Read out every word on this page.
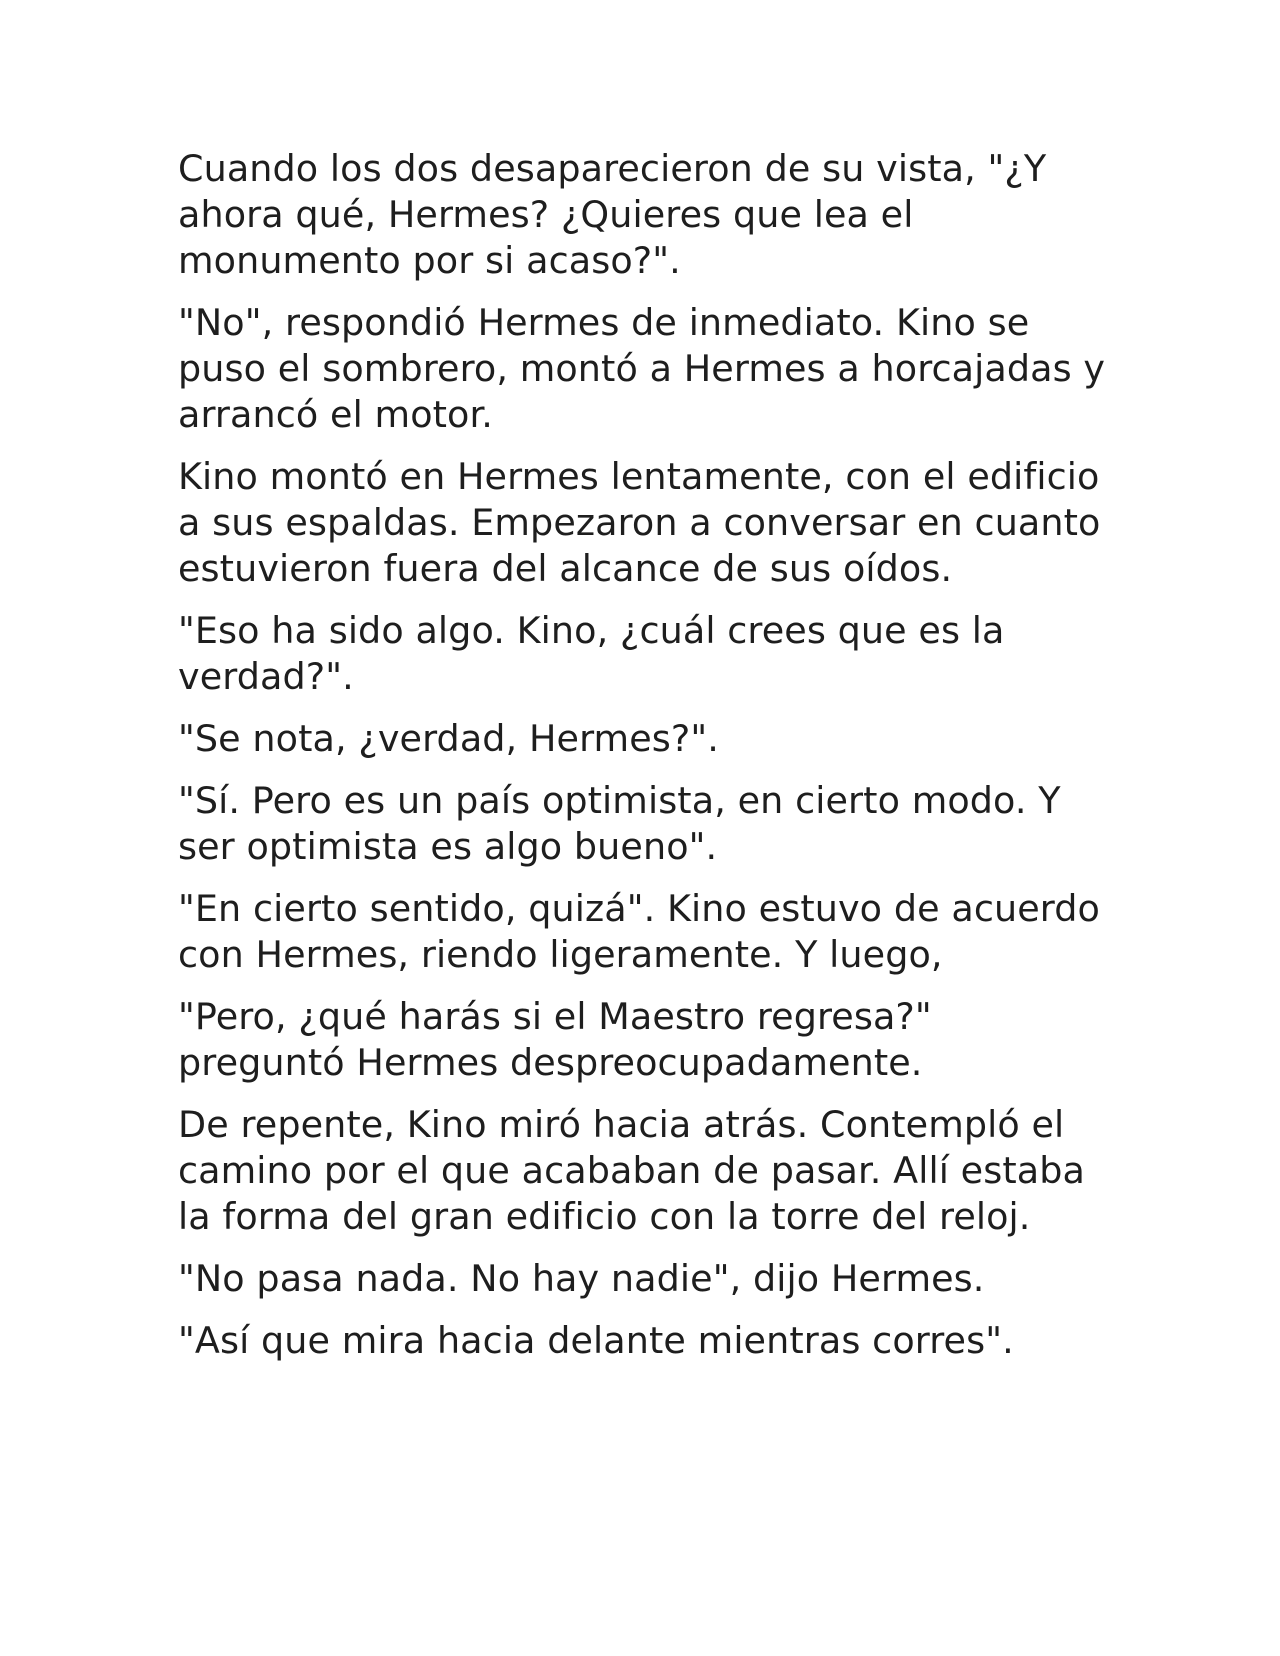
Cuando los dos desaparecieron de su vista, "¿Y ahora qué, Hermes? ¿Quieres que lea el monumento por si acaso?".

"No", respondió Hermes de inmediato. Kino se puso el sombrero, montó a Hermes a horcajadas y arrancó el motor.

Kino montó en Hermes lentamente, con el edificio a sus espaldas. Empezaron a conversar en cuanto estuvieron fuera del alcance de sus oídos.

"Eso ha sido algo. Kino, ¿cuál crees que es la verdad?".

"Se nota, ¿verdad, Hermes?".

"Sí. Pero es un país optimista, en cierto modo. Y ser optimista es algo bueno".

"En cierto sentido, quizá". Kino estuvo de acuerdo con Hermes, riendo ligeramente. Y luego,

"Pero, ¿qué harás si el Maestro regresa?" preguntó Hermes despreocupadamente.

De repente, Kino miró hacia atrás. Contempló el camino por el que acababan de pasar. Allí estaba la forma del gran edificio con la torre del reloj.

"No pasa nada. No hay nadie", dijo Hermes.

"Así que mira hacia delante mientras corres".
